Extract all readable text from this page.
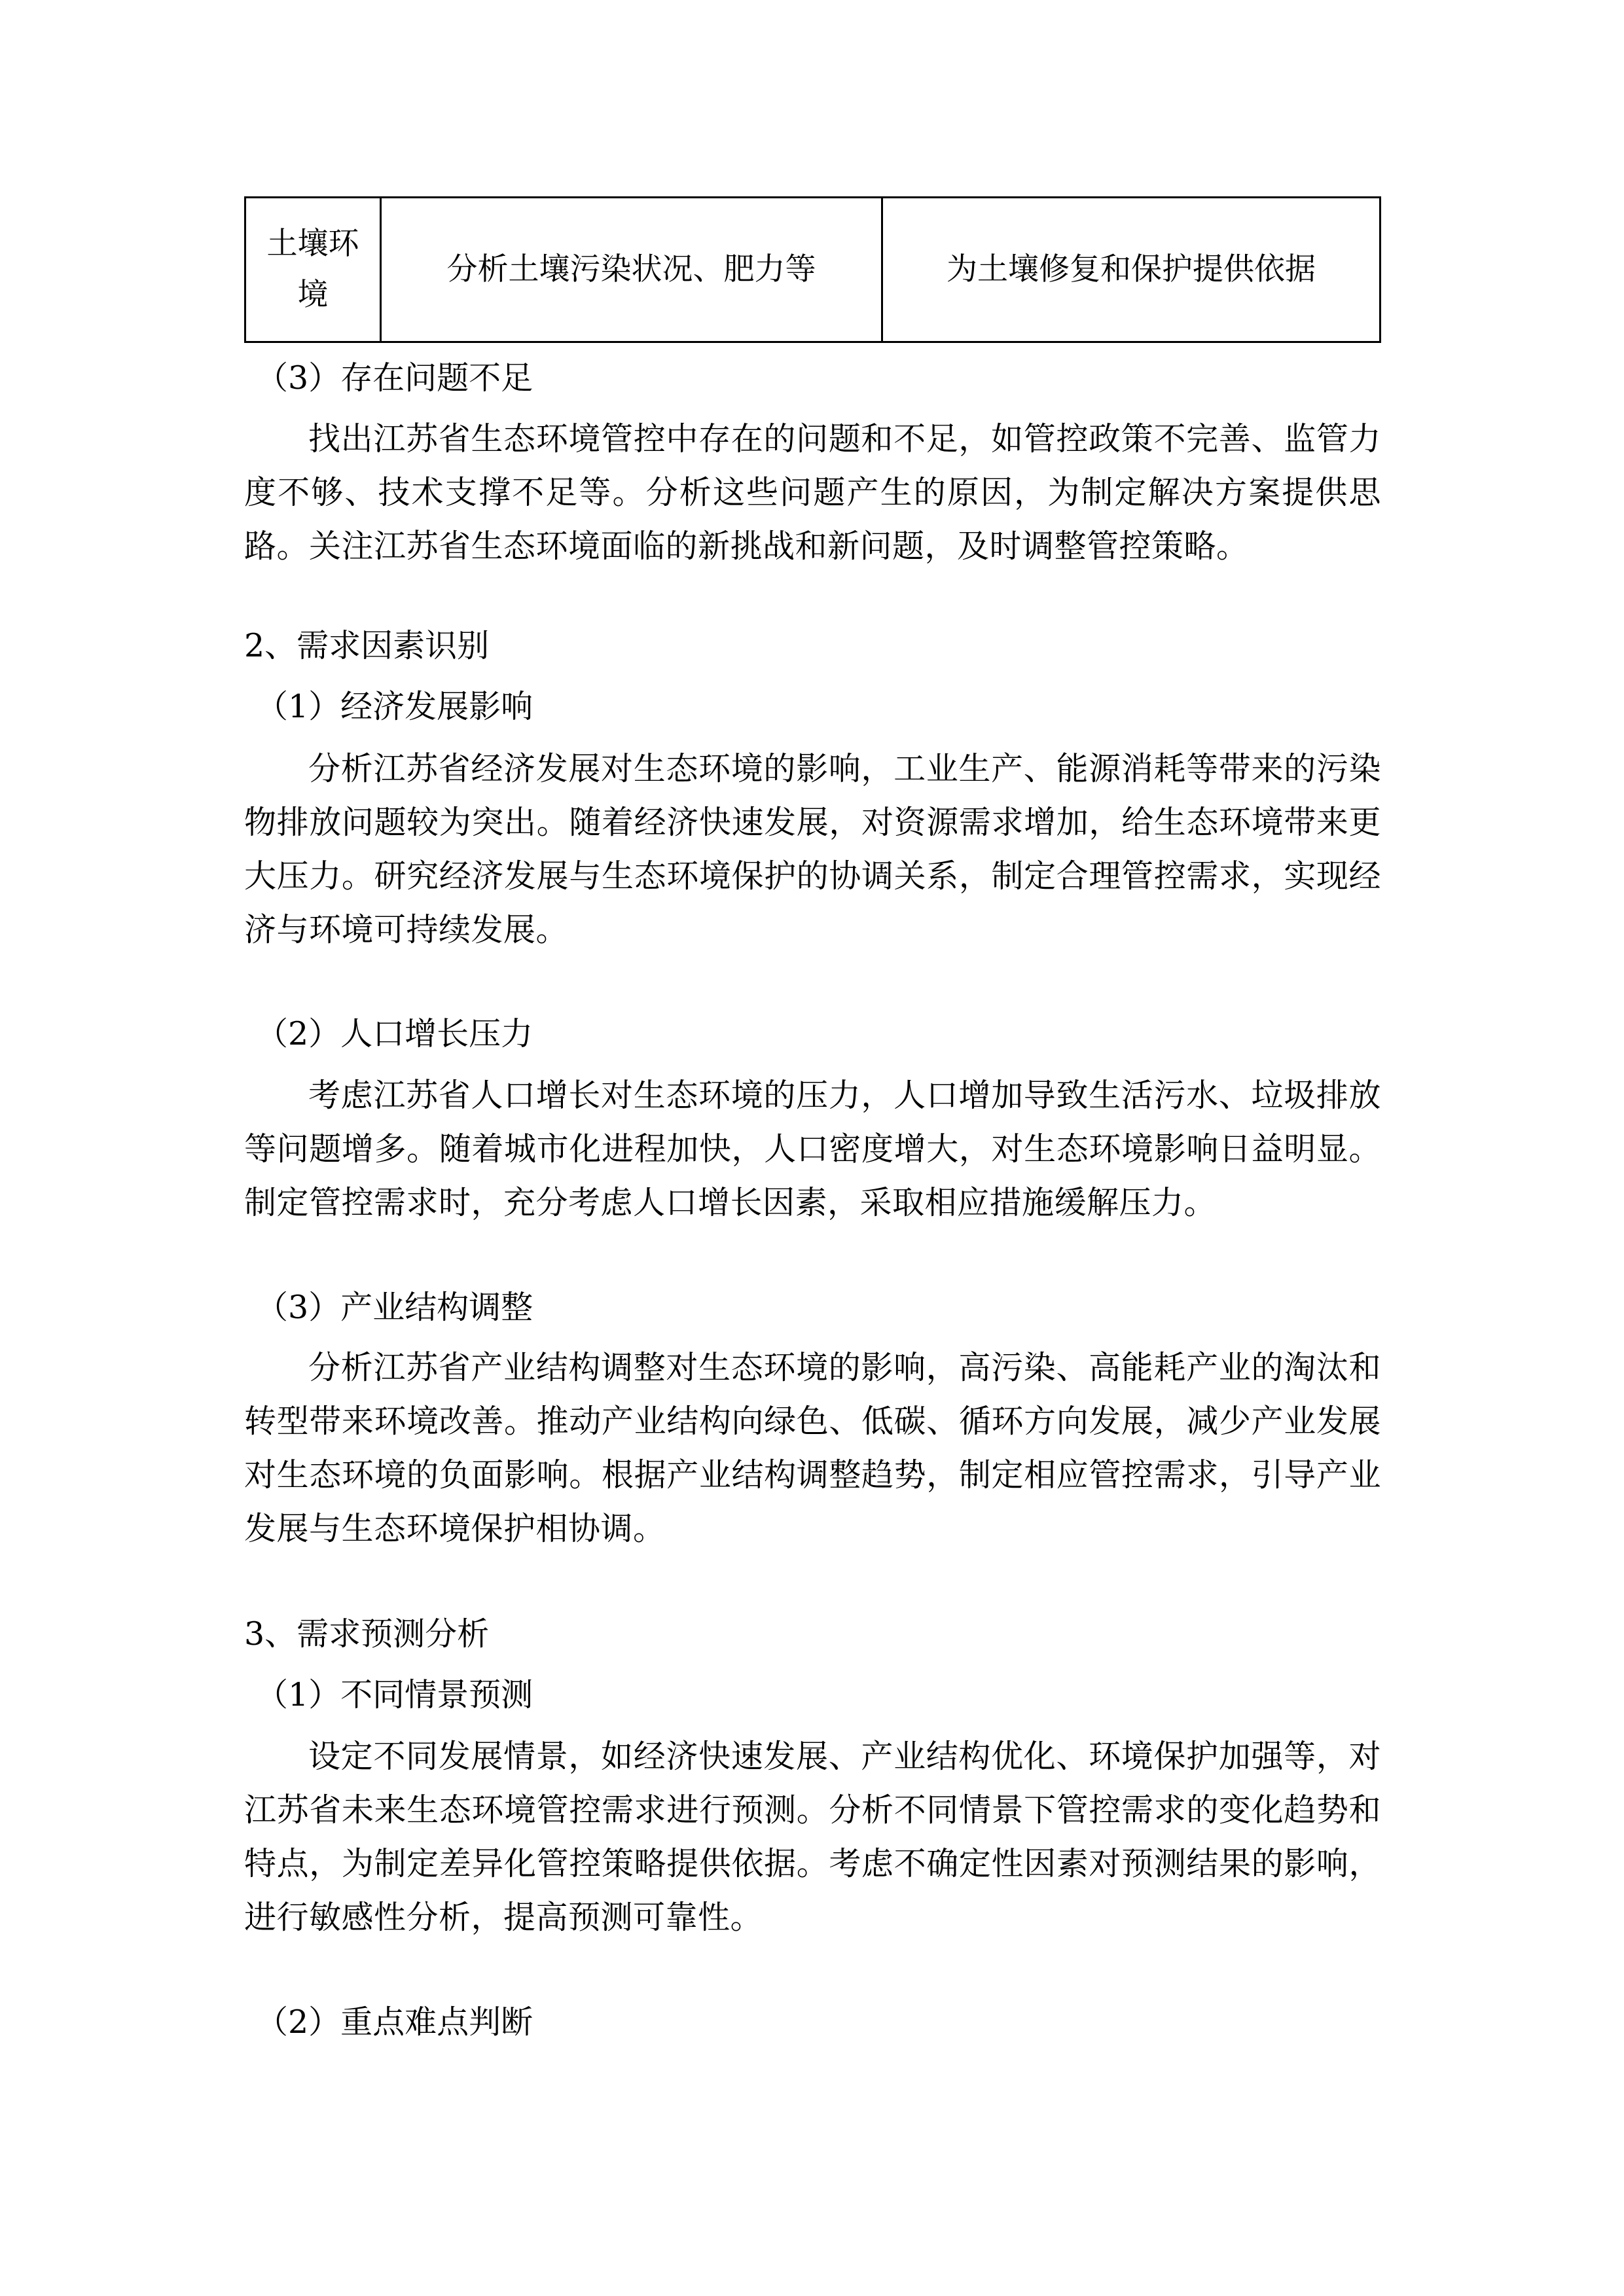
土壤环境	分析土壤污染状况、肥力等	为土壤修复和保护提供依据
（3）存在问题不足
找出江苏省生态环境管控中存在的问题和不足，如管控政策不完善、监管力度不够、技术支撑不足等。分析这些问题产生的原因，为制定解决方案提供思路。关注江苏省生态环境面临的新挑战和新问题，及时调整管控策略。
2、需求因素识别
（1）经济发展影响
分析江苏省经济发展对生态环境的影响，工业生产、能源消耗等带来的污染物排放问题较为突出。随着经济快速发展，对资源需求增加，给生态环境带来更大压力。研究经济发展与生态环境保护的协调关系，制定合理管控需求，实现经济与环境可持续发展。
（2）人口增长压力
考虑江苏省人口增长对生态环境的压力，人口增加导致生活污水、垃圾排放等问题增多。随着城市化进程加快，人口密度增大，对生态环境影响日益明显。制定管控需求时，充分考虑人口增长因素，采取相应措施缓解压力。
（3）产业结构调整
分析江苏省产业结构调整对生态环境的影响，高污染、高能耗产业的淘汰和转型带来环境改善。推动产业结构向绿色、低碳、循环方向发展，减少产业发展对生态环境的负面影响。根据产业结构调整趋势，制定相应管控需求，引导产业发展与生态环境保护相协调。
3、需求预测分析
（1）不同情景预测
设定不同发展情景，如经济快速发展、产业结构优化、环境保护加强等，对江苏省未来生态环境管控需求进行预测。分析不同情景下管控需求的变化趋势和特点，为制定差异化管控策略提供依据。考虑不确定性因素对预测结果的影响，进行敏感性分析，提高预测可靠性。
（2）重点难点判断
